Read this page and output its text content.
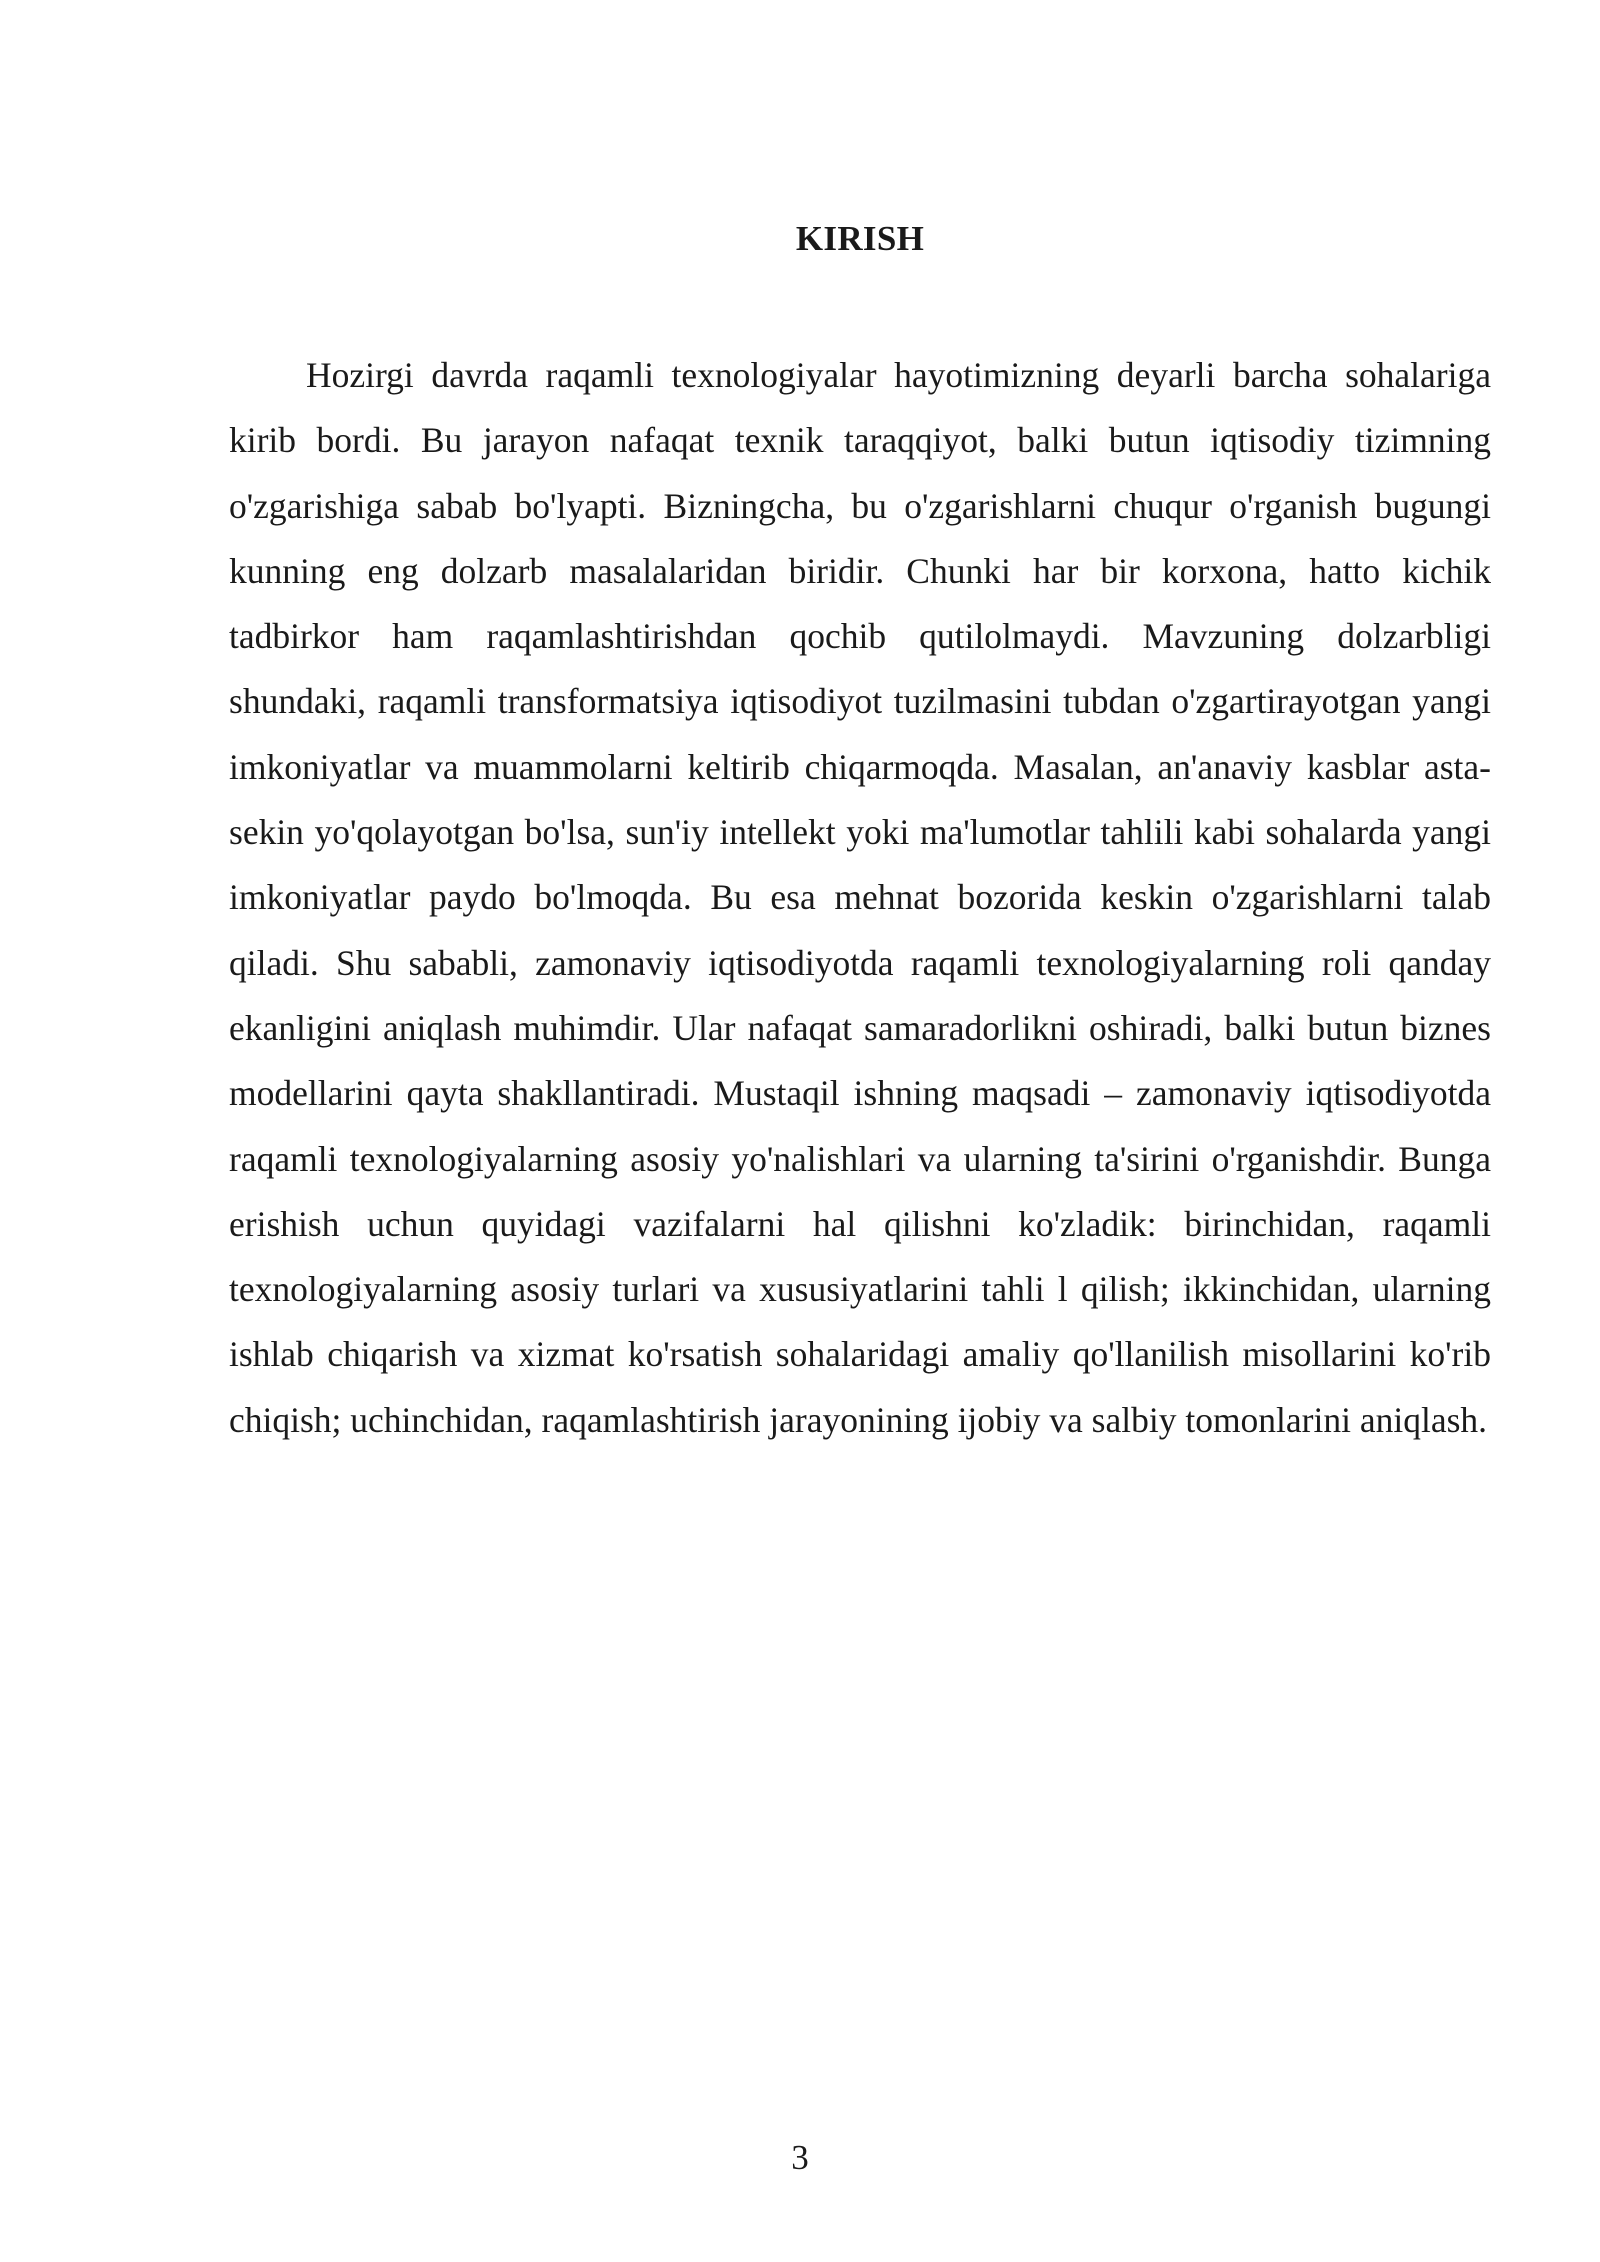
KIRISH

Hozirgi davrda raqamli texnologiyalar hayotimizning deyarli barcha sohalariga kirib bordi. Bu jarayon nafaqat texnik taraqqiyot, balki butun iqtisodiy tizimning o'zgarishiga sabab bo'lyapti. Bizningcha, bu o'zgarishlarni chuqur o'rganish bugungi kunning eng dolzarb masalalaridan biridir. Chunki har bir korxona, hatto kichik tadbirkor ham raqamlashtirishdan qochib qutilolmaydi. Mavzuning dolzarbligi shundaki, raqamli transformatsiya iqtisodiyot tuzilmasini tubdan o'zgartirayotgan yangi imkoniyatlar va muammolarni keltirib chiqarmoqda. Masalan, an'anaviy kasblar asta-sekin yo'qolayotgan bo'lsa, sun'iy intellekt yoki ma'lumotlar tahlili kabi sohalarda yangi imkoniyatlar paydo bo'lmoqda. Bu esa mehnat bozorida keskin o'zgarishlarni talab qiladi. Shu sababli, zamonaviy iqtisodiyotda raqamli texnologiyalarning roli qanday ekanligini aniqlash muhimdir. Ular nafaqat samaradorlikni oshiradi, balki butun biznes modellarini qayta shakllantiradi. Mustaqil ishning maqsadi – zamonaviy iqtisodiyotda raqamli texnologiyalarning asosiy yo'nalishlari va ularning ta'sirini o'rganishdir. Bunga erishish uchun quyidagi vazifalarni hal qilishni ko'zladik: birinchidan, raqamli texnologiyalarning asosiy turlari va xususiyatlarini tahli l qilish; ikkinchidan, ularning ishlab chiqarish va xizmat ko'rsatish sohalaridagi amaliy qo'llanilish misollarini ko'rib chiqish; uchinchidan, raqamlashtirish jarayonining ijobiy va salbiy tomonlarini aniqlash.

3
